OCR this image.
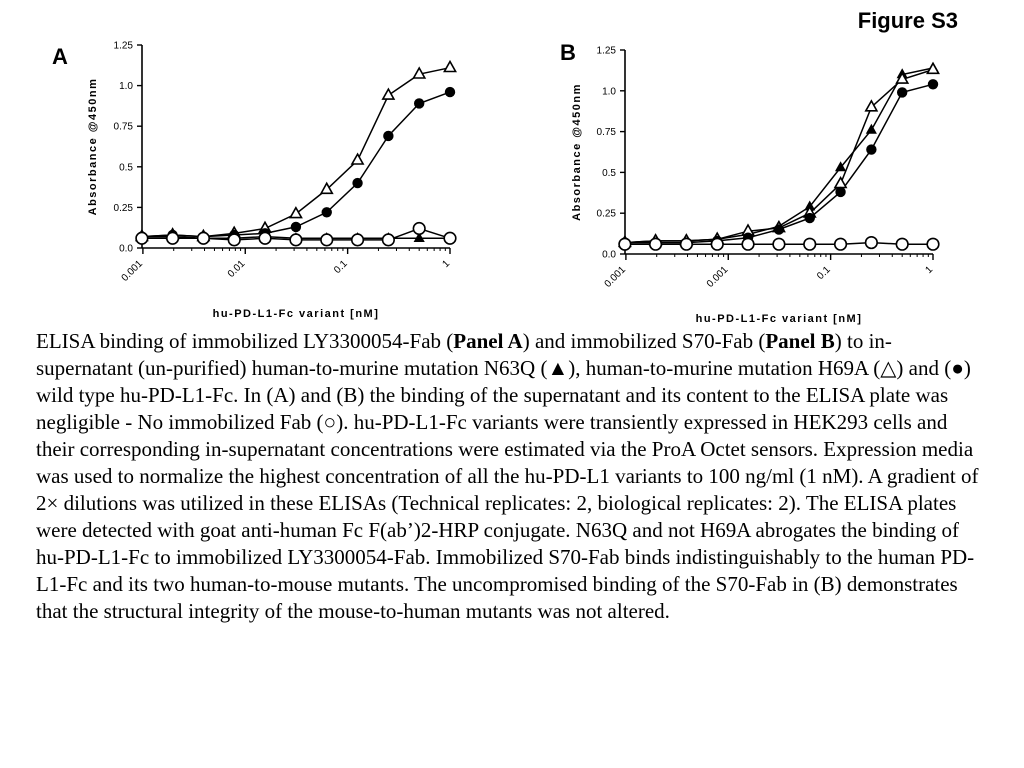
Figure S3
A
0.0
0.25
0.5
0.75
1.0
1.25
0.001	0.01	0.1	1
hu-PD-L1-Fc variant [nM]
Absorbance @450nm
B
0.0
0.25
0.5
0.75
1.0
1.25
0.001	0.001	0.1	1
hu-PD-L1-Fc variant [nM]
Absorbance @450nm
ELISA binding of immobilized LY3300054-Fab (Panel A) and immobilized S70-Fab (Panel B) to in-supernatant (un-purified) human-to-murine mutation N63Q (▲), human-to-murine mutation H69A (△) and (●) wild type hu-PD-L1-Fc. In (A) and (B) the binding of the supernatant and its content to the ELISA plate was negligible - No immobilized Fab (○). hu-PD-L1-Fc variants were transiently expressed in HEK293 cells and their corresponding in-supernatant concentrations were estimated via the ProA Octet sensors. Expression media was used to normalize the highest concentration of all the hu-PD-L1 variants to 100 ng/ml (1 nM). A gradient of 2× dilutions was utilized in these ELISAs (Technical replicates: 2, biological replicates: 2). The ELISA plates were detected with goat anti-human Fc F(ab’)2-HRP conjugate. N63Q and not H69A abrogates the binding of hu-PD-L1-Fc to immobilized LY3300054-Fab. Immobilized S70-Fab binds indistinguishably to the human PD-L1-Fc and its two human-to-mouse mutants. The uncompromised binding of the S70-Fab in (B) demonstrates that the structural integrity of the mouse-to-human mutants was not altered.
